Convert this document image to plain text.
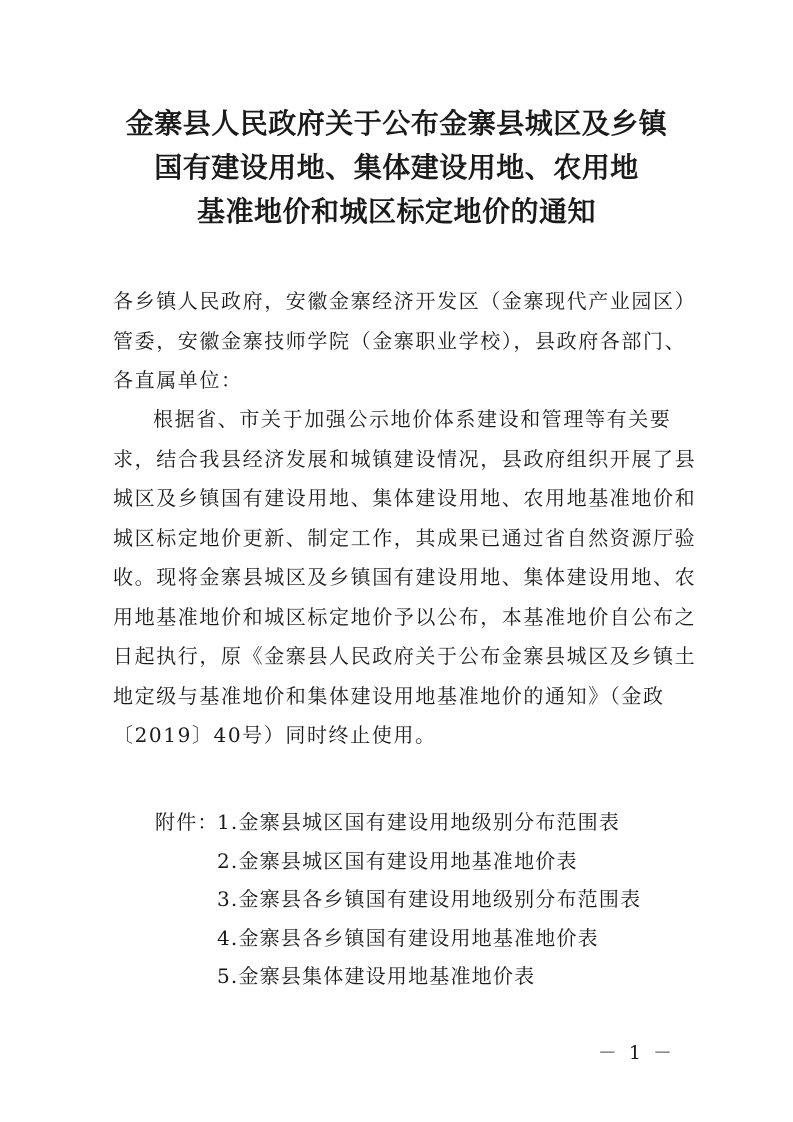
金寨县人民政府关于公布金寨县城区及乡镇
国有建设用地、集体建设用地、农用地
基准地价和城区标定地价的通知
各乡镇人民政府，安徽金寨经济开发区（金寨现代产业园区）
管委，安徽金寨技师学院（金寨职业学校），县政府各部门、
各直属单位：
根据省、市关于加强公示地价体系建设和管理等有关要
求，结合我县经济发展和城镇建设情况，县政府组织开展了县
城区及乡镇国有建设用地、集体建设用地、农用地基准地价和
城区标定地价更新、制定工作，其成果已通过省自然资源厅验
收。现将金寨县城区及乡镇国有建设用地、集体建设用地、农
用地基准地价和城区标定地价予以公布，本基准地价自公布之
日起执行，原《金寨县人民政府关于公布金寨县城区及乡镇土
地定级与基准地价和集体建设用地基准地价的通知》（金政
〔2019〕40号）同时终止使用。
附件：
1.金寨县城区国有建设用地级别分布范围表
2.金寨县城区国有建设用地基准地价表
3.金寨县各乡镇国有建设用地级别分布范围表
4.金寨县各乡镇国有建设用地基准地价表
5.金寨县集体建设用地基准地价表
－ 1 －
